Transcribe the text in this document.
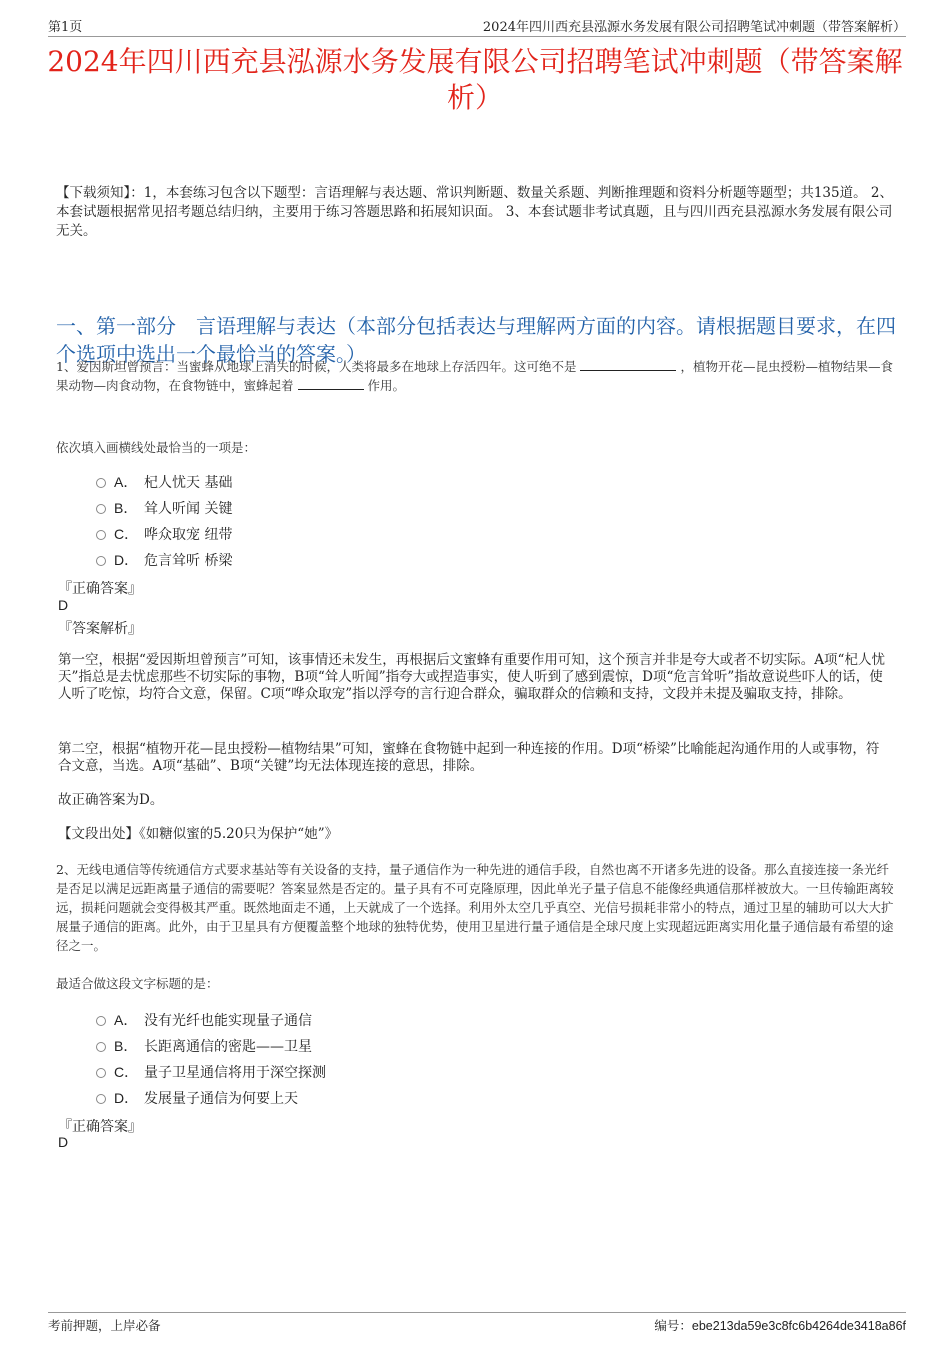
第1页	2024年四川西充县泓源水务发展有限公司招聘笔试冲刺题（带答案解析）
2024年四川西充县泓源水务发展有限公司招聘笔试冲刺题（带答案解析）
【下载须知】：1，本套练习包含以下题型：言语理解与表达题、常识判断题、数量关系题、判断推理题和资料分析题等题型；共135道。 2、本套试题根据常见招考题总结归纳，主要用于练习答题思路和拓展知识面。 3、本套试题非考试真题，且与四川西充县泓源水务发展有限公司无关。
一、第一部分　言语理解与表达（本部分包括表达与理解两方面的内容。请根据题目要求，在四个选项中选出一个最恰当的答案。）
1、爱因斯坦曾预言：当蜜蜂从地球上消失的时候，人类将最多在地球上存活四年。这可绝不是	，植物开花—昆虫授粉—植物结果—食果动物—肉食动物，在食物链中，蜜蜂起着	作用。
依次填入画横线处最恰当的一项是：
A． 杞人忧天 基础
B． 耸人听闻 关键
C． 哗众取宠 纽带
D． 危言耸听 桥梁
『正确答案』
D
『答案解析』
第一空，根据“爱因斯坦曾预言”可知，该事情还未发生，再根据后文蜜蜂有重要作用可知，这个预言并非是夸大或者不切实际。A项“杞人忧天”指总是去忧虑那些不切实际的事物，B项“耸人听闻”指夸大或捏造事实，使人听到了感到震惊，D项“危言耸听”指故意说些吓人的话，使人听了吃惊，均符合文意，保留。C项“哗众取宠”指以浮夸的言行迎合群众，骗取群众的信赖和支持，文段并未提及骗取支持，排除。
第二空，根据“植物开花—昆虫授粉—植物结果”可知，蜜蜂在食物链中起到一种连接的作用。D项“桥梁”比喻能起沟通作用的人或事物，符合文意，当选。A项“基础”、B项“关键”均无法体现连接的意思，排除。
故正确答案为D。
【文段出处】《如糖似蜜的5.20只为保护“她”》
2、无线电通信等传统通信方式要求基站等有关设备的支持，量子通信作为一种先进的通信手段，自然也离不开诸多先进的设备。那么直接连接一条光纤是否足以满足远距离量子通信的需要呢？答案显然是否定的。量子具有不可克隆原理，因此单光子量子信息不能像经典通信那样被放大。一旦传输距离较远，损耗问题就会变得极其严重。既然地面走不通，上天就成了一个选择。利用外太空几乎真空、光信号损耗非常小的特点，通过卫星的辅助可以大大扩展量子通信的距离。此外，由于卫星具有方便覆盖整个地球的独特优势，使用卫星进行量子通信是全球尺度上实现超远距离实用化量子通信最有希望的途径之一。
最适合做这段文字标题的是：
A． 没有光纤也能实现量子通信
B． 长距离通信的密匙——卫星
C． 量子卫星通信将用于深空探测
D． 发展量子通信为何要上天
『正确答案』
D
考前押题，上岸必备	编号：ebe213da59e3c8fc6b4264de3418a86f
